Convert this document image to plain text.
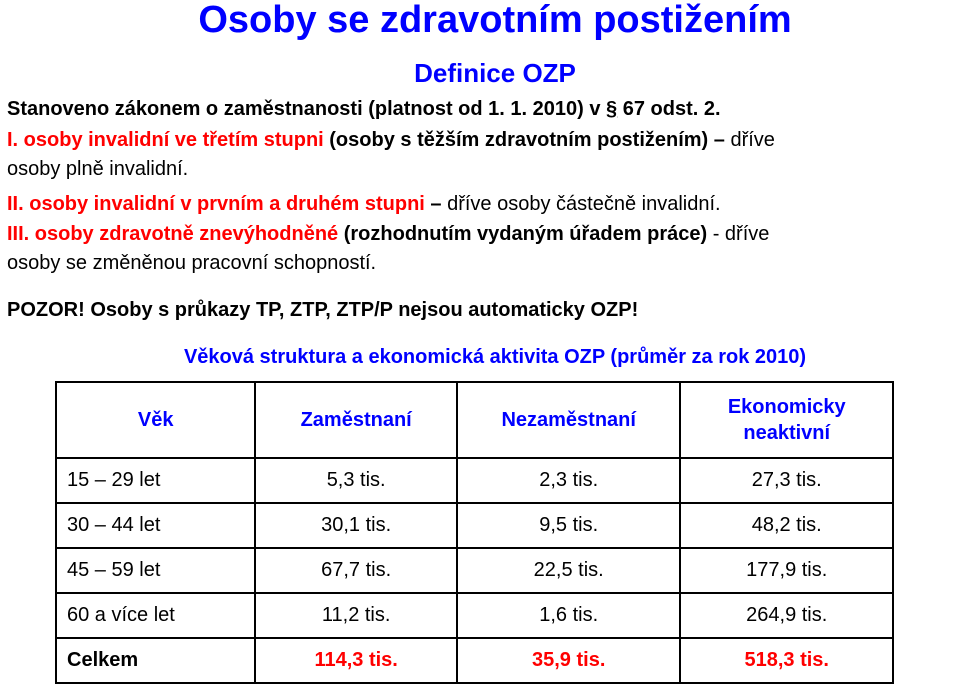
Osoby se zdravotním postižením
Definice OZP
Stanoveno zákonem o zaměstnanosti (platnost od 1. 1. 2010) v § 67 odst. 2.
I. osoby invalidní ve třetím stupni (osoby s těžším zdravotním postižením) – dříve
osoby plně invalidní.
II. osoby invalidní v prvním a druhém stupni – dříve osoby částečně invalidní.
III. osoby zdravotně znevýhodněné (rozhodnutím vydaným úřadem práce) - dříve
osoby se změněnou pracovní schopností.
POZOR! Osoby s průkazy TP, ZTP, ZTP/P nejsou automaticky OZP!
Věková struktura a ekonomická aktivita OZP (průměr za rok 2010)
Věk	Zaměstnaní	Nezaměstnaní	Ekonomicky
neaktivní
15 – 29 let	5,3 tis.	2,3 tis.	27,3 tis.
30 – 44 let	30,1 tis.	9,5 tis.	48,2 tis.
45 – 59 let	67,7 tis.	22,5 tis.	177,9 tis.
60 a více let	11,2 tis.	1,6 tis.	264,9 tis.
Celkem	114,3 tis.	35,9 tis.	518,3 tis.
